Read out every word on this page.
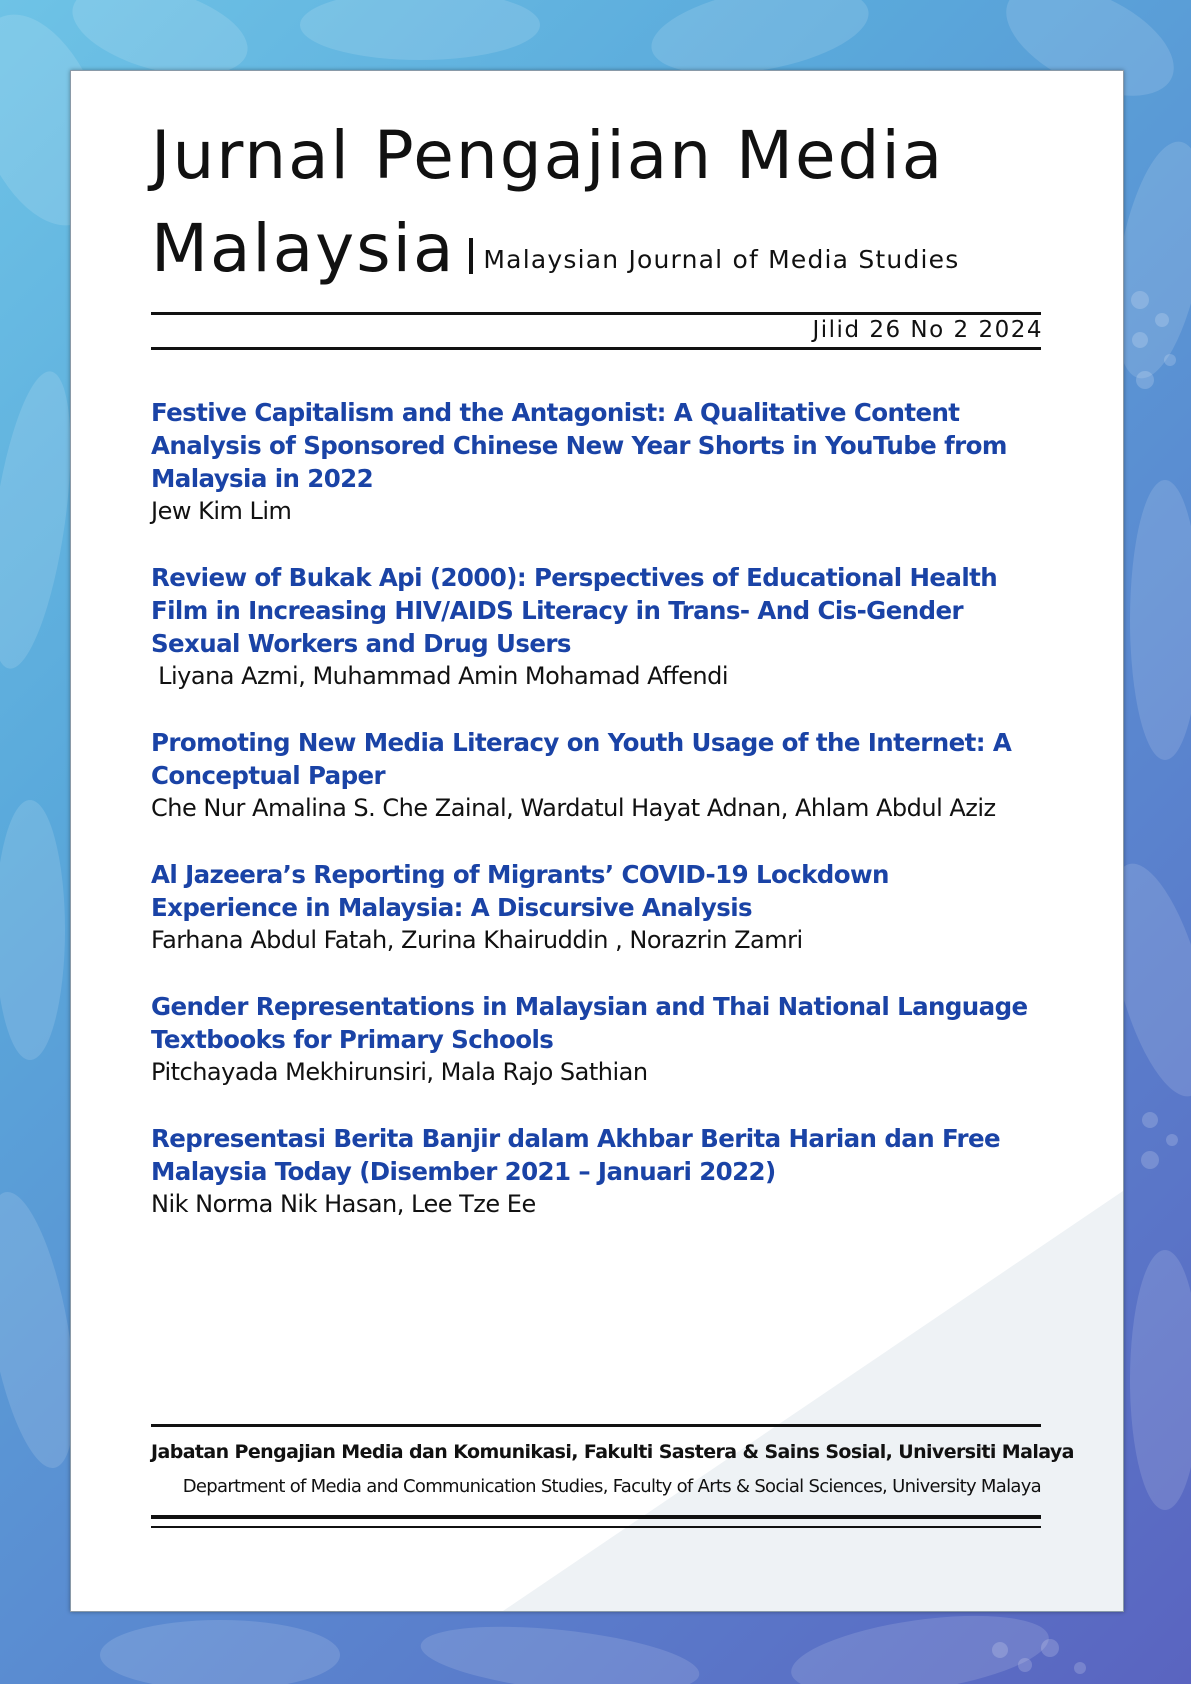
Jurnal Pengajian Media
Malaysia Malaysian Journal of Media Studies
Jilid 26 No 2 2024
Festive Capitalism and the Antagonist: A Qualitative Content Analysis of Sponsored Chinese New Year Shorts in YouTube from Malaysia in 2022
Jew Kim Lim
Review of Bukak Api (2000): Perspectives of Educational Health Film in Increasing HIV/AIDS Literacy in Trans- And Cis-Gender Sexual Workers and Drug Users
Liyana Azmi, Muhammad Amin Mohamad Affendi
Promoting New Media Literacy on Youth Usage of the Internet: A Conceptual Paper
Che Nur Amalina S. Che Zainal, Wardatul Hayat Adnan, Ahlam Abdul Aziz
Al Jazeera’s Reporting of Migrants’ COVID-19 Lockdown Experience in Malaysia: A Discursive Analysis
Farhana Abdul Fatah, Zurina Khairuddin , Norazrin Zamri
Gender Representations in Malaysian and Thai National Language Textbooks for Primary Schools
Pitchayada Mekhirunsiri, Mala Rajo Sathian
Representasi Berita Banjir dalam Akhbar Berita Harian dan Free Malaysia Today (Disember 2021 – Januari 2022)
Nik Norma Nik Hasan, Lee Tze Ee
Jabatan Pengajian Media dan Komunikasi, Fakulti Sastera & Sains Sosial, Universiti Malaya
Department of Media and Communication Studies, Faculty of Arts & Social Sciences, University Malaya
